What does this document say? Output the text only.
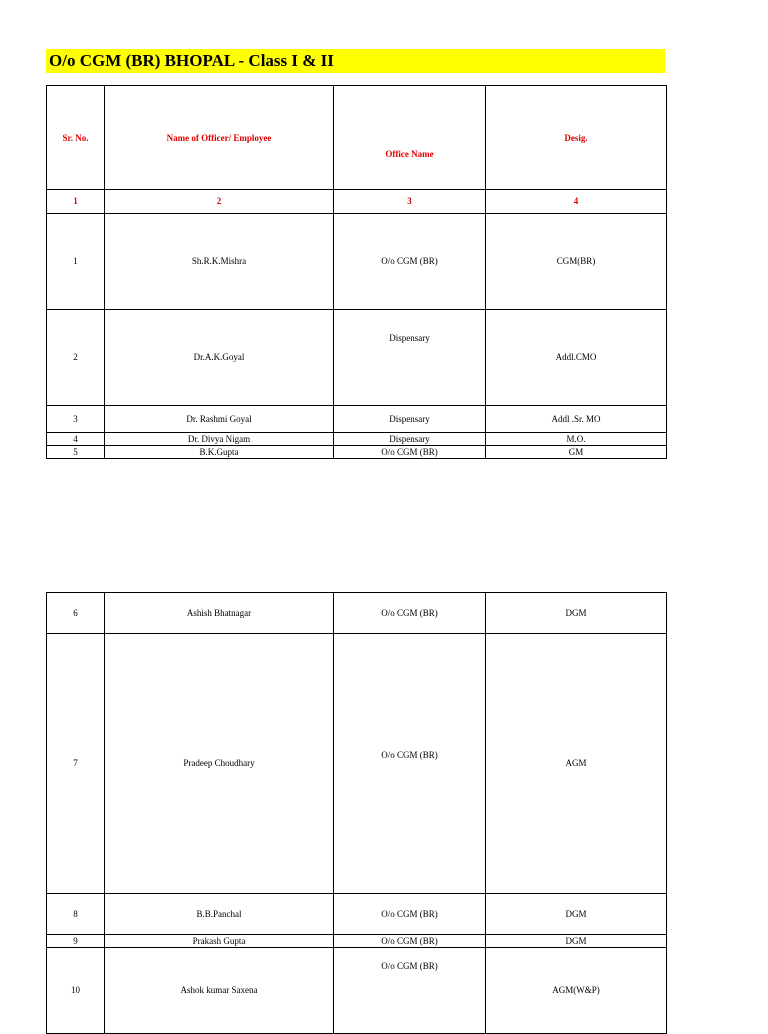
O/o CGM (BR) BHOPAL - Class I & II
Sr. No.	Name of Officer/ Employee	Office Name	Desig.
1	2	3	4
1	Sh.R.K.Mishra	O/o CGM (BR)	CGM(BR)
2	Dr.A.K.Goyal	Dispensary	Addl.CMO
3	Dr. Rashmi Goyal	Dispensary	Addl .Sr. MO
4	Dr. Divya Nigam	Dispensary	M.O.
5	B.K.Gupta	O/o CGM (BR)	GM
6	Ashish Bhatnagar	O/o CGM (BR)	DGM
7	Pradeep Choudhary	O/o CGM (BR)	AGM
8	B.B.Panchal	O/o CGM (BR)	DGM
9	Prakash Gupta	O/o CGM (BR)	DGM
10	Ashok kumar Saxena	O/o CGM (BR)	AGM(W&P)
